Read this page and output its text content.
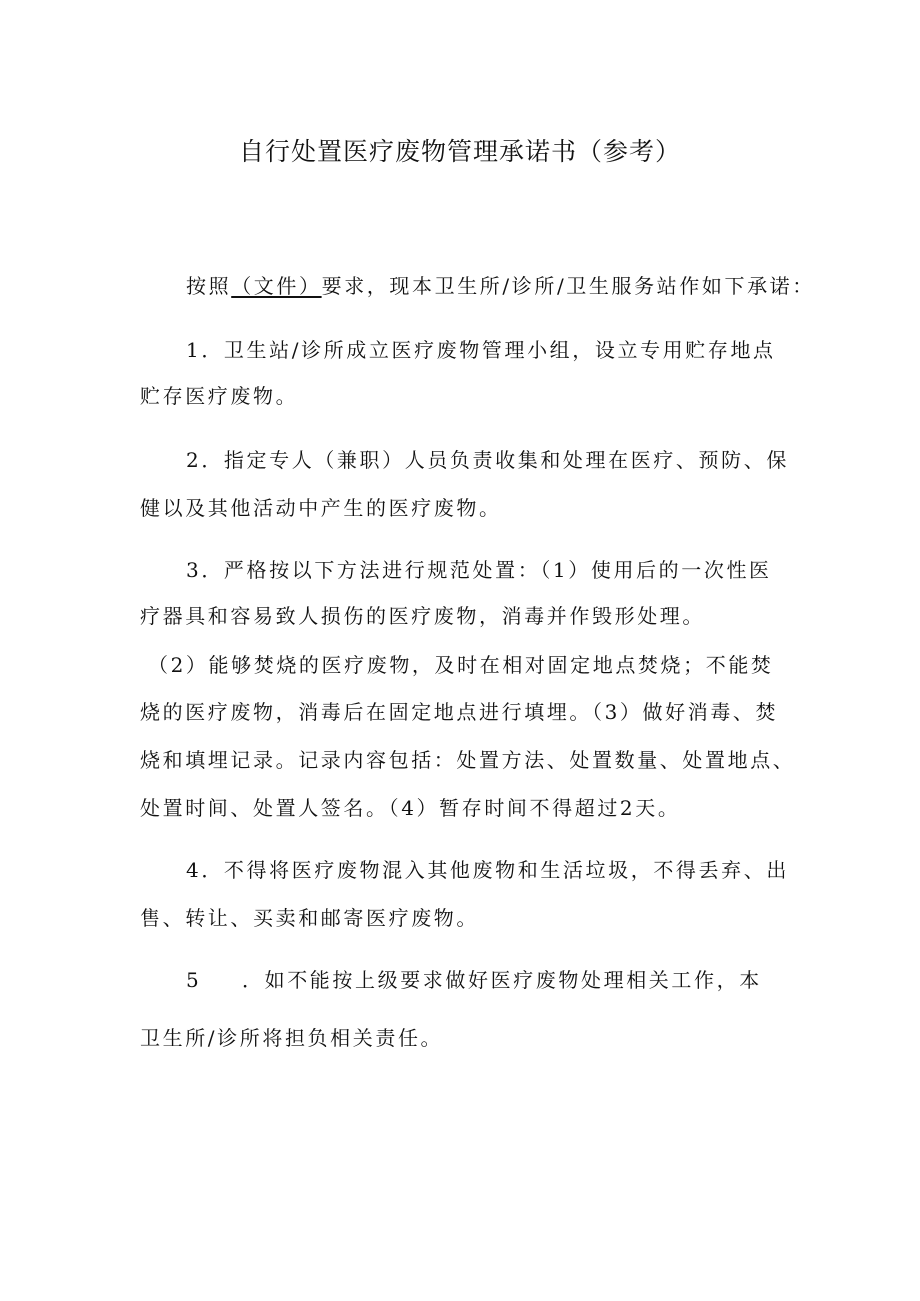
自行处置医疗废物管理承诺书（参考）

按照（文件）要求，现本卫生所/诊所/卫生服务站作如下承诺：

1．卫生站/诊所成立医疗废物管理小组，设立专用贮存地点

贮存医疗废物。

2．指定专人（兼职）人员负责收集和处理在医疗、预防、保

健以及其他活动中产生的医疗废物。

3．严格按以下方法进行规范处置：（1）使用后的一次性医

疗器具和容易致人损伤的医疗废物，消毒并作毁形处理。

（2）能够焚烧的医疗废物，及时在相对固定地点焚烧；不能焚

烧的医疗废物，消毒后在固定地点进行填埋。（3）做好消毒、焚

烧和填埋记录。记录内容包括：处置方法、处置数量、处置地点、

处置时间、处置人签名。（4）暂存时间不得超过2天。

4．不得将医疗废物混入其他废物和生活垃圾，不得丢弃、出

售、转让、买卖和邮寄医疗废物。

5 ．如不能按上级要求做好医疗废物处理相关工作，本

卫生所/诊所将担负相关责任。
